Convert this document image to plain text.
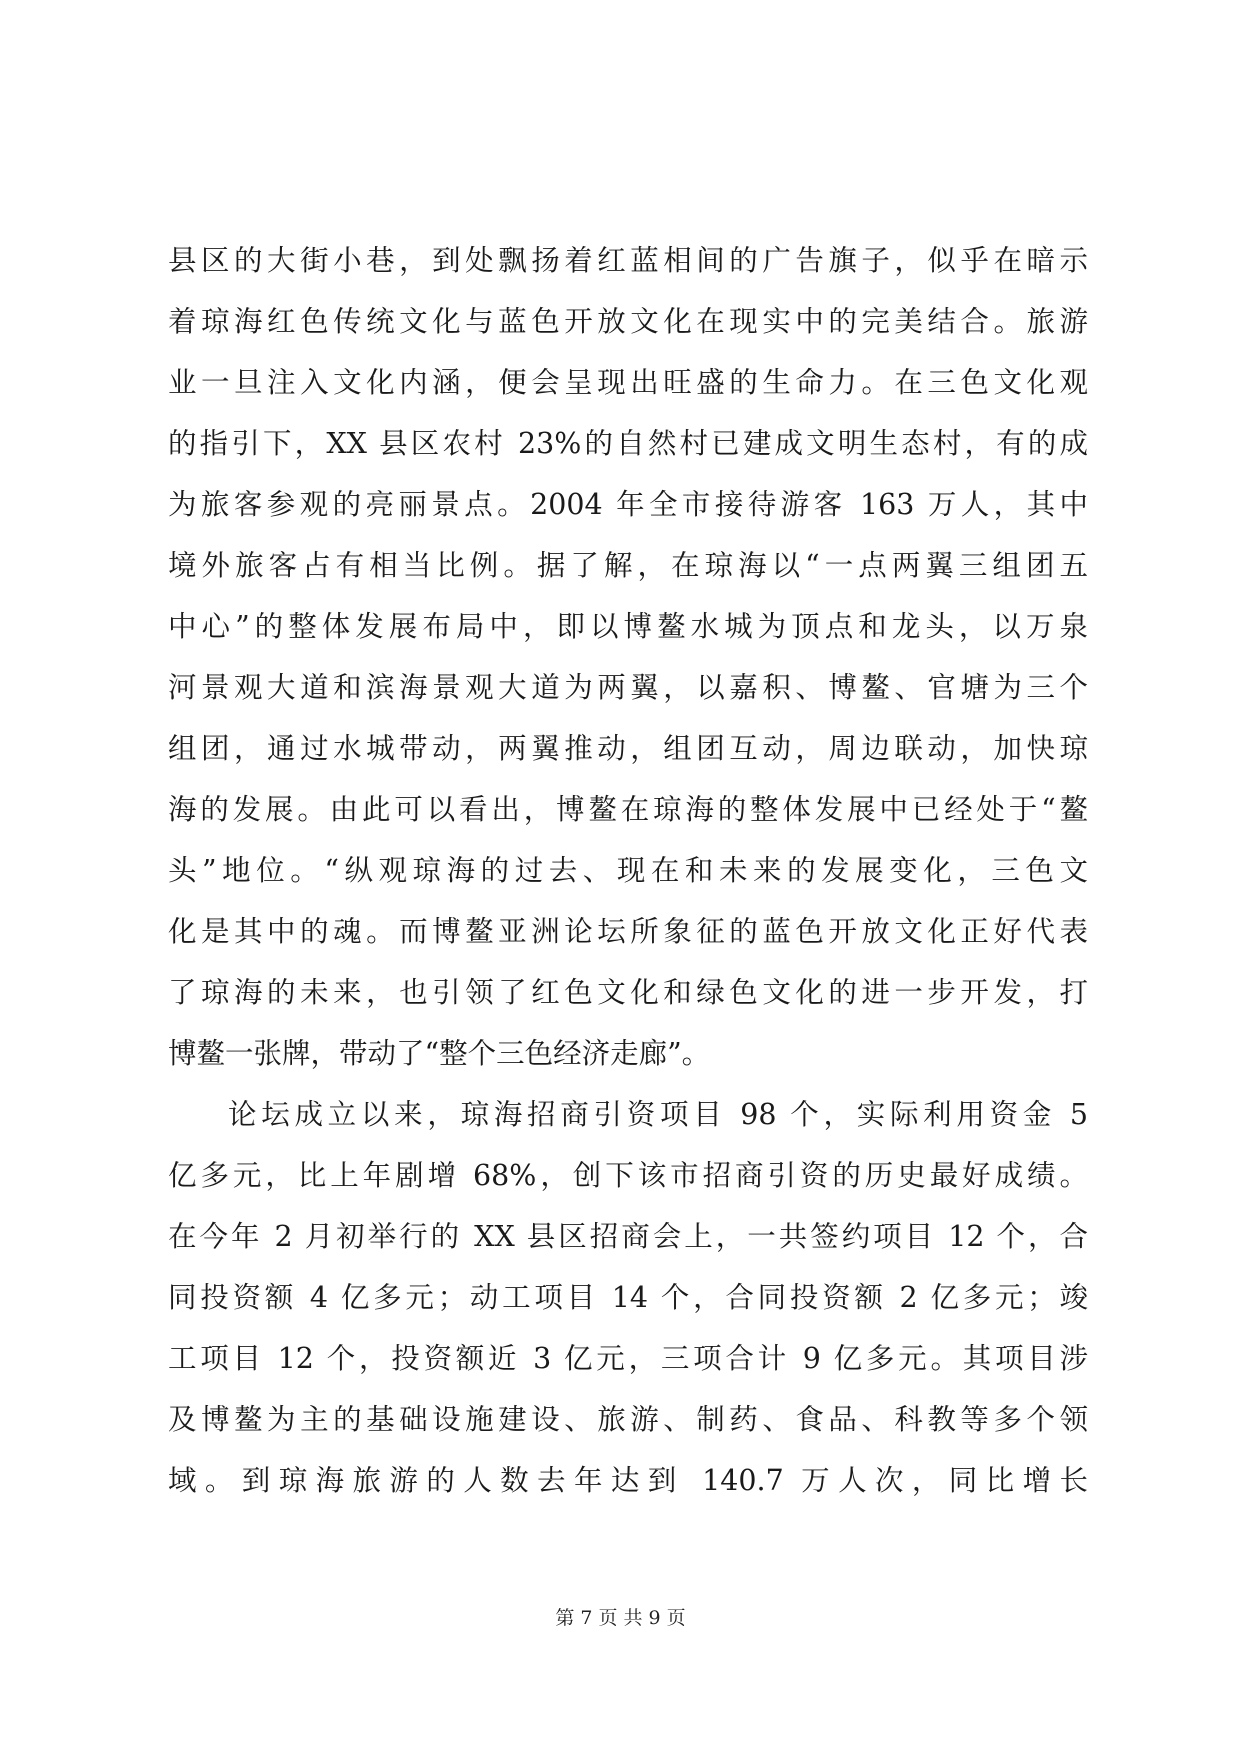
县区的大街小巷，到处飘扬着红蓝相间的广告旗子，似乎在暗示
着琼海红色传统文化与蓝色开放文化在现实中的完美结合。旅游
业一旦注入文化内涵，便会呈现出旺盛的生命力。在三色文化观
的指引下，XX 县区农村 23%的自然村已建成文明生态村，有的成
为旅客参观的亮丽景点。2004 年全市接待游客 163 万人，其中
境外旅客占有相当比例。据了解，在琼海以“一点两翼三组团五
中心”的整体发展布局中，即以博鳌水城为顶点和龙头，以万泉
河景观大道和滨海景观大道为两翼，以嘉积、博鳌、官塘为三个
组团，通过水城带动，两翼推动，组团互动，周边联动，加快琼
海的发展。由此可以看出，博鳌在琼海的整体发展中已经处于“鳌
头”地位。“纵观琼海的过去、现在和未来的发展变化，三色文
化是其中的魂。而博鳌亚洲论坛所象征的蓝色开放文化正好代表
了琼海的未来，也引领了红色文化和绿色文化的进一步开发，打
博鳌一张牌，带动了“整个三色经济走廊”。
论坛成立以来，琼海招商引资项目 98 个，实际利用资金 5
亿多元，比上年剧增 68%，创下该市招商引资的历史最好成绩。
在今年 2 月初举行的 XX 县区招商会上，一共签约项目 12 个，合
同投资额 4 亿多元；动工项目 14 个，合同投资额 2 亿多元；竣
工项目 12 个，投资额近 3 亿元，三项合计 9 亿多元。其项目涉
及博鳌为主的基础设施建设、旅游、制药、食品、科教等多个领
域。到琼海旅游的人数去年达到 140.7 万人次，同比增长
第 7 页 共 9 页
